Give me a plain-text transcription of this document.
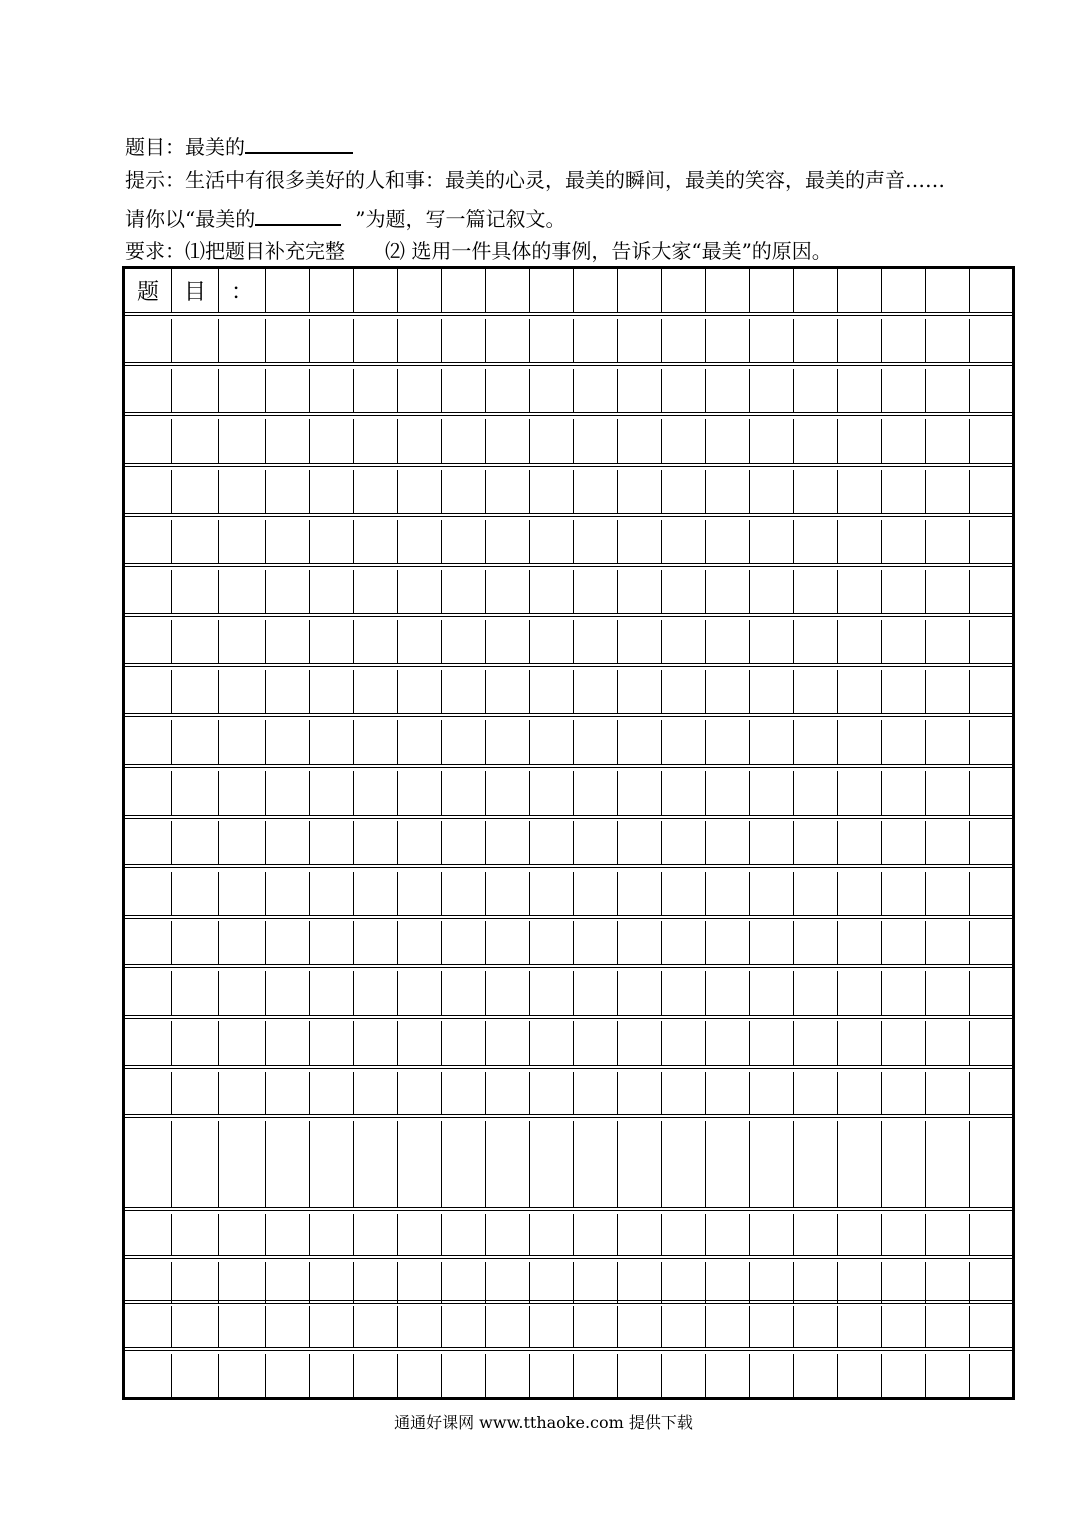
题目：最美的
提示：生活中有很多美好的人和事：最美的心灵，最美的瞬间，最美的笑容，最美的声音……
请你以“最美的	”为题，写一篇记叙文。
要求：⑴把题目补充完整 ⑵ 选用一件具体的事例，告诉大家“最美”的原因。
题	目	：
通通好课网 www.tthaoke.com 提供下载
